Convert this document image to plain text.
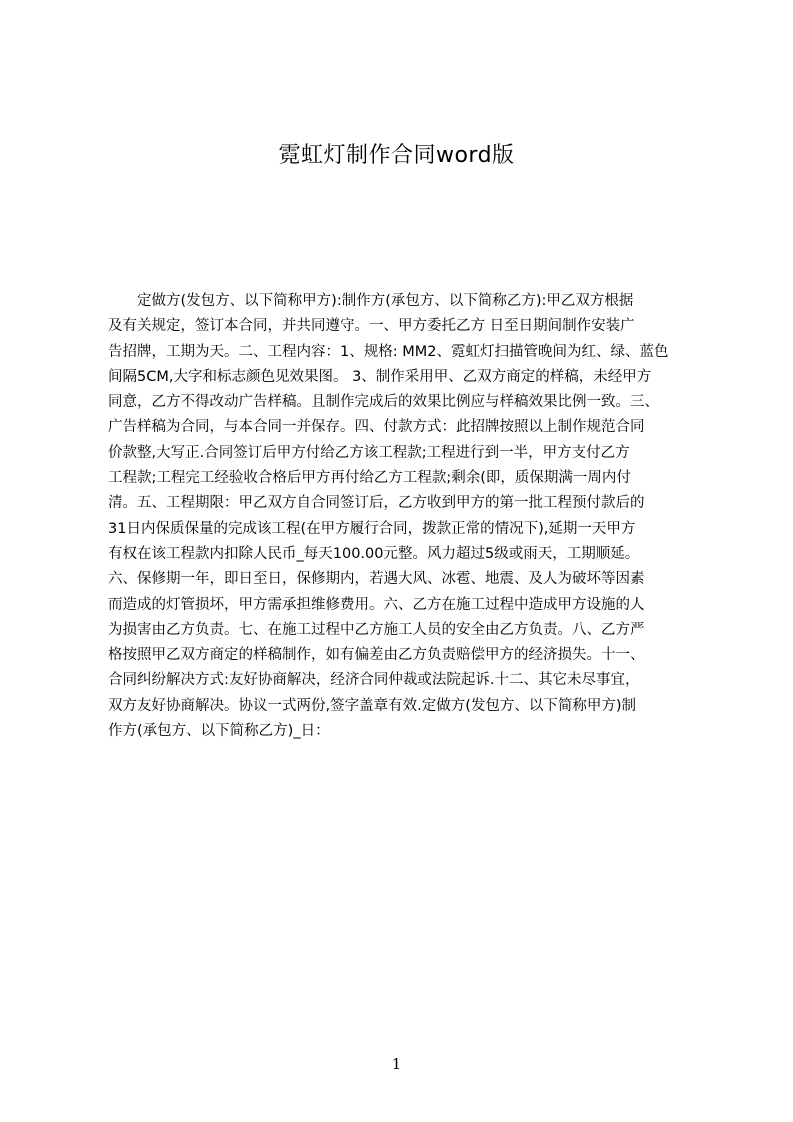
霓虹灯制作合同word版
定做方(发包方、以下简称甲方):制作方(承包方、以下简称乙方):甲乙双方根据
及有关规定，签订本合同，并共同遵守。一、甲方委托乙方 日至日期间制作安装广
告招牌，工期为天。二、工程内容：1、规格: MM2、霓虹灯扫描管晚间为红、绿、蓝色
间隔5CM,大字和标志颜色见效果图。 3、制作采用甲、乙双方商定的样稿，未经甲方
同意，乙方不得改动广告样稿。且制作完成后的效果比例应与样稿效果比例一致。三、
广告样稿为合同，与本合同一并保存。四、付款方式：此招牌按照以上制作规范合同
价款整,大写正.合同签订后甲方付给乙方该工程款;工程进行到一半，甲方支付乙方
工程款;工程完工经验收合格后甲方再付给乙方工程款;剩余(即，质保期满一周内付
清。五、工程期限：甲乙双方自合同签订后，乙方收到甲方的第一批工程预付款后的
31日内保质保量的完成该工程(在甲方履行合同，拨款正常的情况下),延期一天甲方
有权在该工程款内扣除人民币_每天100.00元整。风力超过5级或雨天，工期顺延。
六、保修期一年，即日至日，保修期内，若遇大风、冰雹、地震、及人为破坏等因素
而造成的灯管损坏，甲方需承担维修费用。六、乙方在施工过程中造成甲方设施的人
为损害由乙方负责。七、在施工过程中乙方施工人员的安全由乙方负责。八、乙方严
格按照甲乙双方商定的样稿制作，如有偏差由乙方负责赔偿甲方的经济损失。十一、
合同纠纷解决方式:友好协商解决，经济合同仲裁或法院起诉.十二、其它未尽事宜，
双方友好协商解决。协议一式两份,签字盖章有效.定做方(发包方、以下简称甲方)制
作方(承包方、以下简称乙方)_日：
1
